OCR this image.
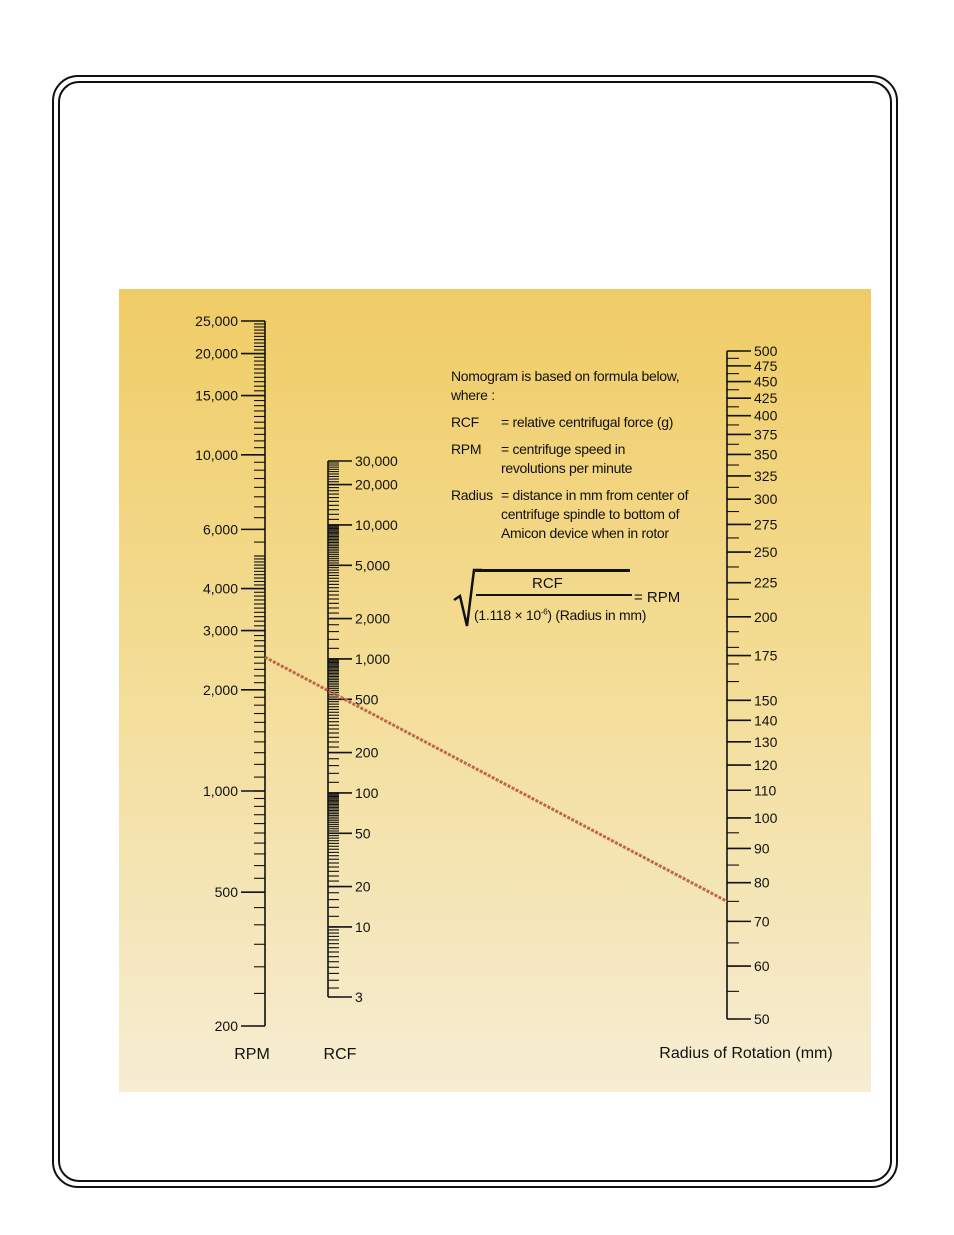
25,000
20,000
15,000
10,000
6,000
4,000
3,000
2,000
1,000
500
200
30,000
20,000
10,000
5,000
2,000
1,000
500
200
100
50
20
10
3
500
475
450
425
400
375
350
325
300
275
250
225
200
175
150
140
130
120
110
100
90
80
70
60
50
RPM	RCF	Radius of Rotation (mm)
Nomogram is based on formula below, where :
RCF	= relative centrifugal force (g)
RPM	= centrifuge speed in revolutions per minute
Radius = distance in mm from center of centrifuge spindle to bottom of Amicon device when in rotor
RCF
$(1.118 \times 10^{-6})$ (Radius in mm)
= RPM
